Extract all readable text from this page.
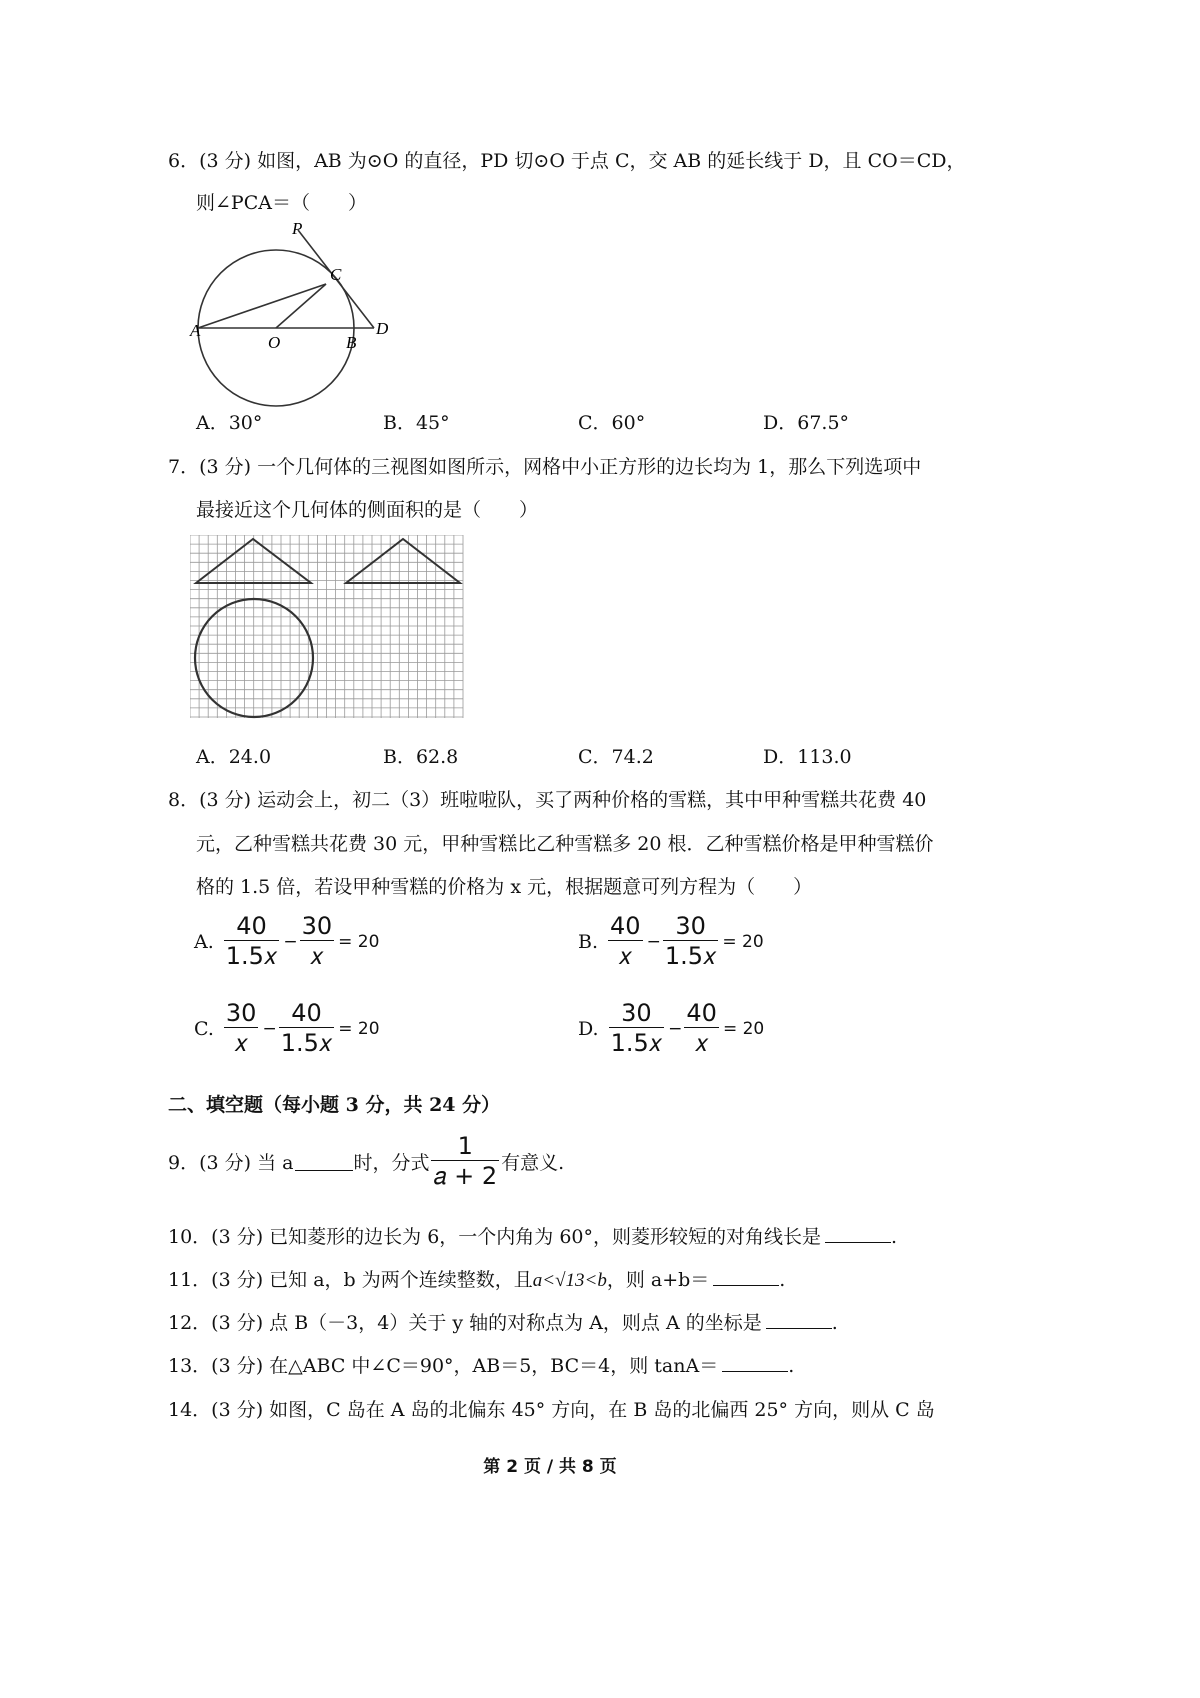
6．(3 分) 如图，AB 为⊙O 的直径，PD 切⊙O 于点 C，交 AB 的延长线于 D，且 CO＝CD，
则∠PCA＝（　　）
P
C
A
O	B
D
A．30°	B．45°	C．60°	D．67.5°
7．(3 分) 一个几何体的三视图如图所示，网格中小正方形的边长均为 1，那么下列选项中
最接近这个几何体的侧面积的是（　　）
A．24.0	B．62.8	C．74.2	D．113.0
8．(3 分) 运动会上，初二（3）班啦啦队，买了两种价格的雪糕，其中甲种雪糕共花费 40
元，乙种雪糕共花费 30 元，甲种雪糕比乙种雪糕多 20 根．乙种雪糕价格是甲种雪糕价
格的 1.5 倍，若设甲种雪糕的价格为 x 元，根据题意可列方程为（　　）
A. $\frac{40}{\text{1.5𝑥}} - \frac{30}{\text{𝑥}} = 20$	B. $\frac{40}{\text{𝑥}} - \frac{30}{\text{1.5𝑥}} = 20$
C. $\frac{30}{\text{𝑥}} - \frac{40}{\text{1.5𝑥}} = 20$	D. $\frac{30}{\text{1.5𝑥}} - \frac{40}{\text{𝑥}} = 20$
二、填空题（每小题 3 分，共 24 分）
9．(3 分) 当 a	时，分式 $\frac{1}{\text{𝑎 + 2}}$ 有意义.
10．(3 分) 已知菱形的边长为 6，一个内角为 60°，则菱形较短的对角线长是	.
11．(3 分) 已知 a，b 为两个连续整数，且a<√13<b，则 a+b＝	.
12．(3 分) 点 B（－3，4）关于 y 轴的对称点为 A，则点 A 的坐标是	.
13．(3 分) 在△ABC 中∠C＝90°，AB＝5，BC＝4，则 tanA＝	.
14．(3 分) 如图，C 岛在 A 岛的北偏东 45° 方向，在 B 岛的北偏西 25° 方向，则从 C 岛
第 2 页 / 共 8 页
